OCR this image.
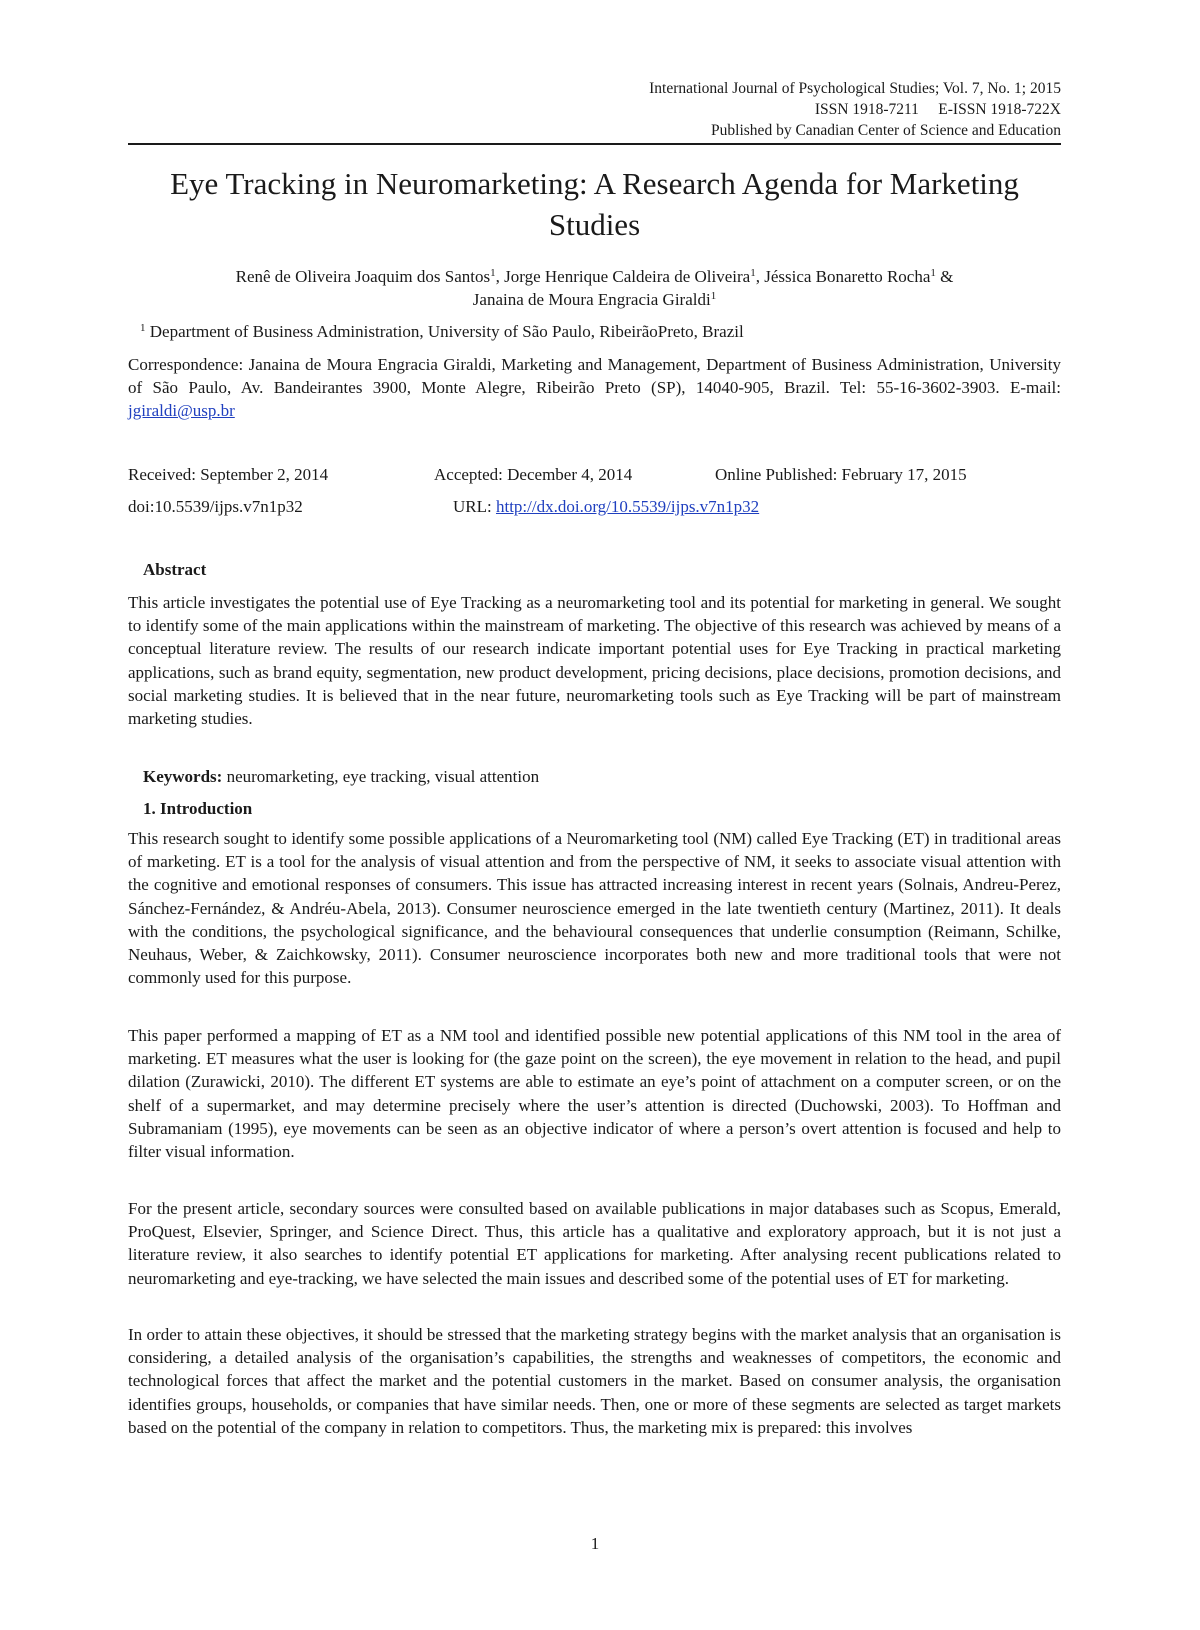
International Journal of Psychological Studies; Vol. 7, No. 1; 2015
ISSN 1918-7211     E-ISSN 1918-722X
Published by Canadian Center of Science and Education
Eye Tracking in Neuromarketing: A Research Agenda for Marketing Studies
Renê de Oliveira Joaquim dos Santos$^1$, Jorge Henrique Caldeira de Oliveira$^1$, Jéssica Bonaretto Rocha$^1$ &
Janaina de Moura Engracia Giraldi$^1$
$^1$ Department of Business Administration, University of São Paulo, RibeirãoPreto, Brazil
Correspondence: Janaina de Moura Engracia Giraldi, Marketing and Management, Department of Business Administration, University of São Paulo, Av. Bandeirantes 3900, Monte Alegre, Ribeirão Preto (SP), 14040-905, Brazil. Tel: 55-16-3602-3903. E-mail: jgiraldi@usp.br
Received: September 2, 2014	Accepted: December 4, 2014	Online Published: February 17, 2015
doi:10.5539/ijps.v7n1p32	URL: http://dx.doi.org/10.5539/ijps.v7n1p32
Abstract

This article investigates the potential use of Eye Tracking as a neuromarketing tool and its potential for marketing in general. We sought to identify some of the main applications within the mainstream of marketing. The objective of this research was achieved by means of a conceptual literature review. The results of our research indicate important potential uses for Eye Tracking in practical marketing applications, such as brand equity, segmentation, new product development, pricing decisions, place decisions, promotion decisions, and social marketing studies. It is believed that in the near future, neuromarketing tools such as Eye Tracking will be part of mainstream marketing studies.

Keywords: neuromarketing, eye tracking, visual attention
1. Introduction

This research sought to identify some possible applications of a Neuromarketing tool (NM) called Eye Tracking (ET) in traditional areas of marketing. ET is a tool for the analysis of visual attention and from the perspective of NM, it seeks to associate visual attention with the cognitive and emotional responses of consumers. This issue has attracted increasing interest in recent years (Solnais, Andreu-Perez, Sánchez-Fernández, & Andréu-Abela, 2013). Consumer neuroscience emerged in the late twentieth century (Martinez, 2011). It deals with the conditions, the psychological significance, and the behavioural consequences that underlie consumption (Reimann, Schilke, Neuhaus, Weber, & Zaichkowsky, 2011). Consumer neuroscience incorporates both new and more traditional tools that were not commonly used for this purpose.

This paper performed a mapping of ET as a NM tool and identified possible new potential applications of this NM tool in the area of marketing. ET measures what the user is looking for (the gaze point on the screen), the eye movement in relation to the head, and pupil dilation (Zurawicki, 2010). The different ET systems are able to estimate an eye’s point of attachment on a computer screen, or on the shelf of a supermarket, and may determine precisely where the user’s attention is directed (Duchowski, 2003). To Hoffman and Subramaniam (1995), eye movements can be seen as an objective indicator of where a person’s overt attention is focused and help to filter visual information.

For the present article, secondary sources were consulted based on available publications in major databases such as Scopus, Emerald, ProQuest, Elsevier, Springer, and Science Direct. Thus, this article has a qualitative and exploratory approach, but it is not just a literature review, it also searches to identify potential ET applications for marketing. After analysing recent publications related to neuromarketing and eye-tracking, we have selected the main issues and described some of the potential uses of ET for marketing.

In order to attain these objectives, it should be stressed that the marketing strategy begins with the market analysis that an organisation is considering, a detailed analysis of the organisation’s capabilities, the strengths and weaknesses of competitors, the economic and technological forces that affect the market and the potential customers in the market. Based on consumer analysis, the organisation identifies groups, households, or companies that have similar needs. Then, one or more of these segments are selected as target markets based on the potential of the company in relation to competitors. Thus, the marketing mix is prepared: this involves

1
